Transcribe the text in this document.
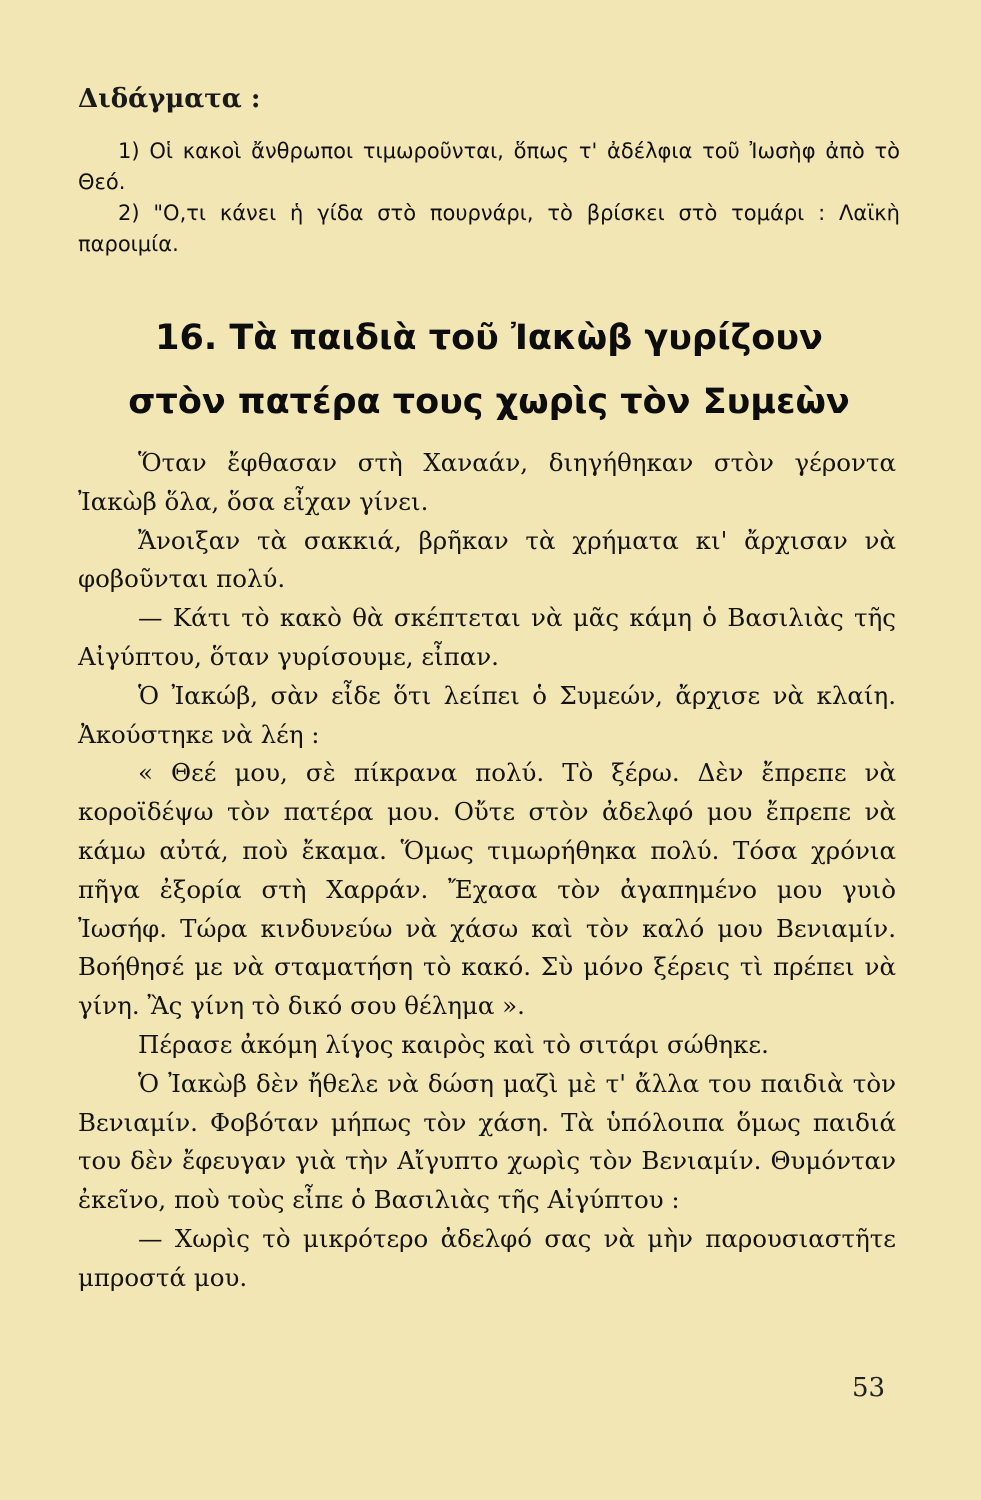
Διδάγματα :

1) Οἱ κακοὶ ἄνθρωποι τιμωροῦνται, ὅπως τ' ἀδέλφια τοῦ Ἰωσὴφ ἀπὸ τὸ Θεό.

2) "Ο,τι κάνει ἡ γίδα στὸ πουρνάρι, τὸ βρίσκει στὸ τομάρι : Λαϊκὴ παροιμία.

16. Τὰ παιδιὰ τοῦ Ἰακὼβ γυρίζουν
στὸν πατέρα τους χωρὶς τὸν Συμεὼν

Ὅταν ἔφθασαν στὴ Χαναάν, διηγήθηκαν στὸν γέροντα Ἰακὼβ ὅλα, ὅσα εἶχαν γίνει.

Ἄνοιξαν τὰ σακκιά, βρῆκαν τὰ χρήματα κι' ἄρχισαν νὰ φοβοῦνται πολύ.

— Κάτι τὸ κακὸ θὰ σκέπτεται νὰ μᾶς κάμη ὁ Βασιλιὰς τῆς Αἰγύπτου, ὅταν γυρίσουμε, εἶπαν.

Ὁ Ἰακώβ, σὰν εἶδε ὅτι λείπει ὁ Συμεών, ἄρχισε νὰ κλαίη. Ἀκούστηκε νὰ λέη :

« Θεέ μου, σὲ πίκρανα πολύ. Τὸ ξέρω. Δὲν ἔπρεπε νὰ κοροϊδέψω τὸν πατέρα μου. Οὔτε στὸν ἀδελφό μου ἔπρεπε νὰ κάμω αὐτά, ποὺ ἔκαμα. Ὅμως τιμωρήθηκα πολύ. Τόσα χρόνια πῆγα ἐξορία στὴ Χαρράν. Ἔχασα τὸν ἀγαπημένο μου γυιὸ Ἰωσήφ. Τώρα κινδυνεύω νὰ χάσω καὶ τὸν καλό μου Βενιαμίν. Βοήθησέ με νὰ σταματήση τὸ κακό. Σὺ μόνο ξέρεις τὶ πρέπει νὰ γίνη. Ἂς γίνη τὸ δικό σου θέλημα ».

Πέρασε ἀκόμη λίγος καιρὸς καὶ τὸ σιτάρι σώθηκε.

Ὁ Ἰακὼβ δὲν ἤθελε νὰ δώση μαζὶ μὲ τ' ἄλλα του παιδιὰ τὸν Βενιαμίν. Φοβόταν μήπως τὸν χάση. Τὰ ὑπόλοιπα ὅμως παιδιά του δὲν ἔφευγαν γιὰ τὴν Αἴγυπτο χωρὶς τὸν Βενιαμίν. Θυμόνταν ἐκεῖνο, ποὺ τοὺς εἶπε ὁ Βασιλιὰς τῆς Αἰγύπτου :

— Χωρὶς τὸ μικρότερο ἀδελφό σας νὰ μὴν παρουσιαστῆτε μπροστά μου.

53
